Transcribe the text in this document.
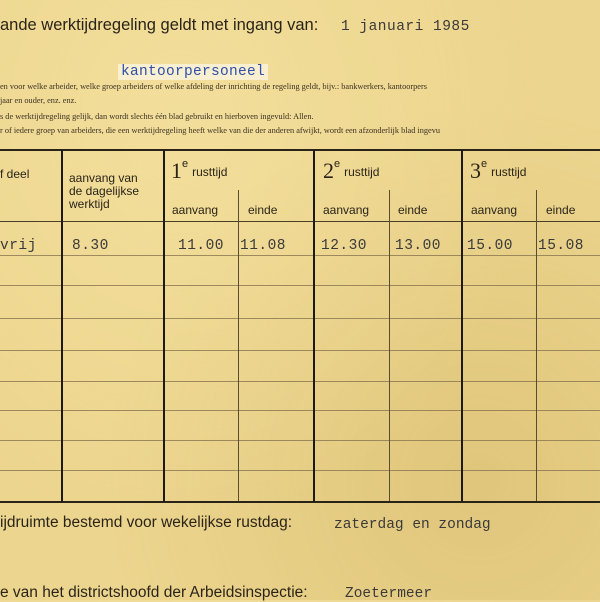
ande werktijdregeling geldt met ingang van: 1 januari 1985
kantoorpersoneel
en voor welke arbeider, welke groep arbeiders of welke afdeling der inrichting de regeling geldt, bijv.: bankwerkers, kantoorpers
jaar en ouder, enz. enz.
s de werktijdregeling gelijk, dan wordt slechts één blad gebruikt en hierboven ingevuld: Allen.
r of iedere groep van arbeiders, die een werktijdregeling heeft welke van die der anderen afwijkt, wordt een afzonderlijk blad ingevu
f deel	aanvang van
de dagelijkse
werktijd
1erusttijd	2erusttijd	3erusttijd
aanvang einde	aanvang einde	aanvang einde
vrij 8.30	11.00 11.08 12.30 13.00 15.00 15.08
ijdruimte bestemd voor wekelijkse rustdag:	zaterdag en zondag
e van het districtshoofd der Arbeidsinspectie:	Zoetermeer
